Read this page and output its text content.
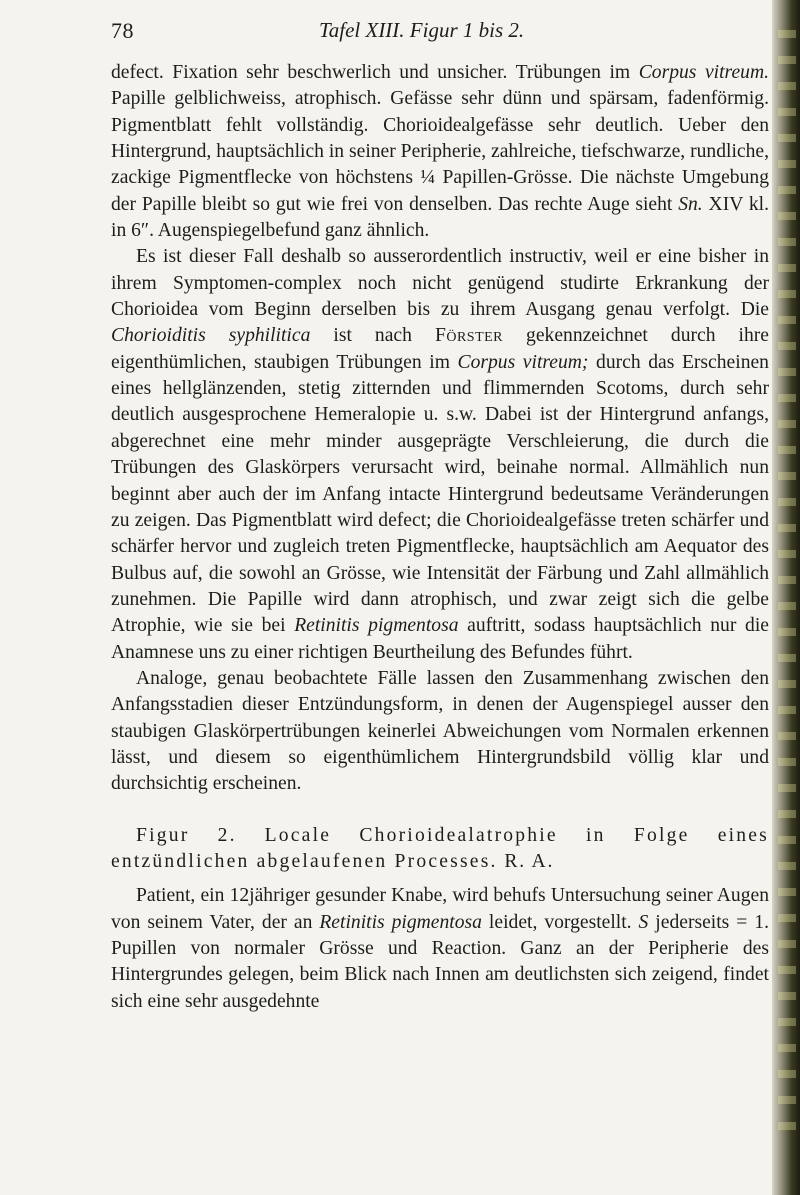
78	Tafel XIII. Figur 1 bis 2.

defect. Fixation sehr beschwerlich und unsicher. Trübungen im Corpus vitreum. Papille gelblichweiss, atrophisch. Gefässe sehr dünn und spärsam, fadenförmig. Pigmentblatt fehlt vollständig. Chorioidealgefässe sehr deutlich. Ueber den Hintergrund, hauptsächlich in seiner Peripherie, zahlreiche, tiefschwarze, rundliche, zackige Pigmentflecke von höchstens ¼ Papillen-Grösse. Die nächste Umgebung der Papille bleibt so gut wie frei von denselben. Das rechte Auge sieht Sn. XIV kl. in 6″. Augenspiegelbefund ganz ähnlich.

Es ist dieser Fall deshalb so ausserordentlich instructiv, weil er eine bisher in ihrem Symptomen-complex noch nicht genügend studirte Erkrankung der Chorioidea vom Beginn derselben bis zu ihrem Ausgang genau verfolgt. Die Chorioiditis syphilitica ist nach Förster gekennzeichnet durch ihre eigenthümlichen, staubigen Trübungen im Corpus vitreum; durch das Erscheinen eines hellglänzenden, stetig zitternden und flimmernden Scotoms, durch sehr deutlich ausgesprochene Hemeralopie u. s.w. Dabei ist der Hintergrund anfangs, abgerechnet eine mehr minder ausgeprägte Verschleierung, die durch die Trübungen des Glaskörpers verursacht wird, beinahe normal. Allmählich nun beginnt aber auch der im Anfang intacte Hintergrund bedeutsame Veränderungen zu zeigen. Das Pigmentblatt wird defect; die Chorioidealgefässe treten schärfer und schärfer hervor und zugleich treten Pigmentflecke, hauptsächlich am Aequator des Bulbus auf, die sowohl an Grösse, wie Intensität der Färbung und Zahl allmählich zunehmen. Die Papille wird dann atrophisch, und zwar zeigt sich die gelbe Atrophie, wie sie bei Retinitis pigmentosa auftritt, sodass hauptsächlich nur die Anamnese uns zu einer richtigen Beurtheilung des Befundes führt.

Analoge, genau beobachtete Fälle lassen den Zusammenhang zwischen den Anfangsstadien dieser Entzündungsform, in denen der Augenspiegel ausser den staubigen Glaskörpertrübungen keinerlei Abweichungen vom Normalen erkennen lässt, und diesem so eigenthümlichem Hintergrundsbild völlig klar und durchsichtig erscheinen.

Figur 2. Locale Chorioidealatrophie in Folge eines entzündlichen abgelaufenen Processes. R. A.

Patient, ein 12jähriger gesunder Knabe, wird behufs Untersuchung seiner Augen von seinem Vater, der an Retinitis pigmentosa leidet, vorgestellt. S jederseits = 1. Pupillen von normaler Grösse und Reaction. Ganz an der Peripherie des Hintergrundes gelegen, beim Blick nach Innen am deutlichsten sich zeigend, findet sich eine sehr ausgedehnte
